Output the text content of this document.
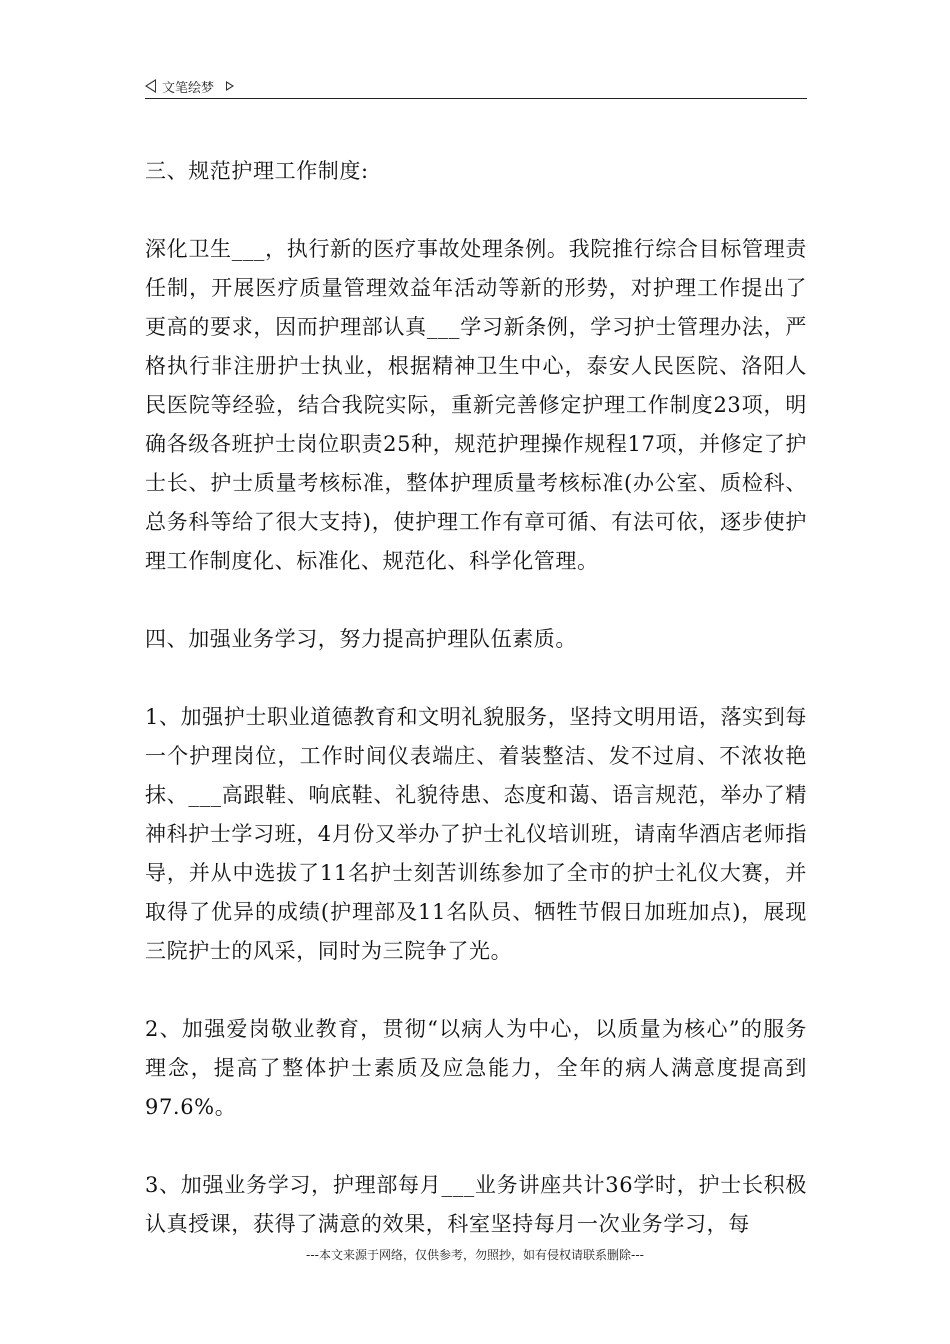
文笔绘梦

三、规范护理工作制度:

深化卫生___，执行新的医疗事故处理条例。我院推行综合目标管理责任制，开展医疗质量管理效益年活动等新的形势，对护理工作提出了更高的要求，因而护理部认真___学习新条例，学习护士管理办法，严格执行非注册护士执业，根据精神卫生中心，泰安人民医院、洛阳人民医院等经验，结合我院实际，重新完善修定护理工作制度23项，明确各级各班护士岗位职责25种，规范护理操作规程17项，并修定了护士长、护士质量考核标准，整体护理质量考核标准(办公室、质检科、总务科等给了很大支持)，使护理工作有章可循、有法可依，逐步使护理工作制度化、标准化、规范化、科学化管理。

四、加强业务学习，努力提高护理队伍素质。

1、加强护士职业道德教育和文明礼貌服务，坚持文明用语，落实到每一个护理岗位，工作时间仪表端庄、着装整洁、发不过肩、不浓妆艳抹、___高跟鞋、响底鞋、礼貌待患、态度和蔼、语言规范，举办了精神科护士学习班，4月份又举办了护士礼仪培训班，请南华酒店老师指导，并从中选拔了11名护士刻苦训练参加了全市的护士礼仪大赛，并取得了优异的成绩(护理部及11名队员、牺牲节假日加班加点)，展现三院护士的风采，同时为三院争了光。

2、加强爱岗敬业教育，贯彻“以病人为中心，以质量为核心”的服务理念，提高了整体护士素质及应急能力，全年的病人满意度提高到97.6%。

3、加强业务学习，护理部每月___业务讲座共计36学时，护士长积极认真授课，获得了满意的效果，科室坚持每月一次业务学习，每

---本文来源于网络，仅供参考，勿照抄，如有侵权请联系删除---
